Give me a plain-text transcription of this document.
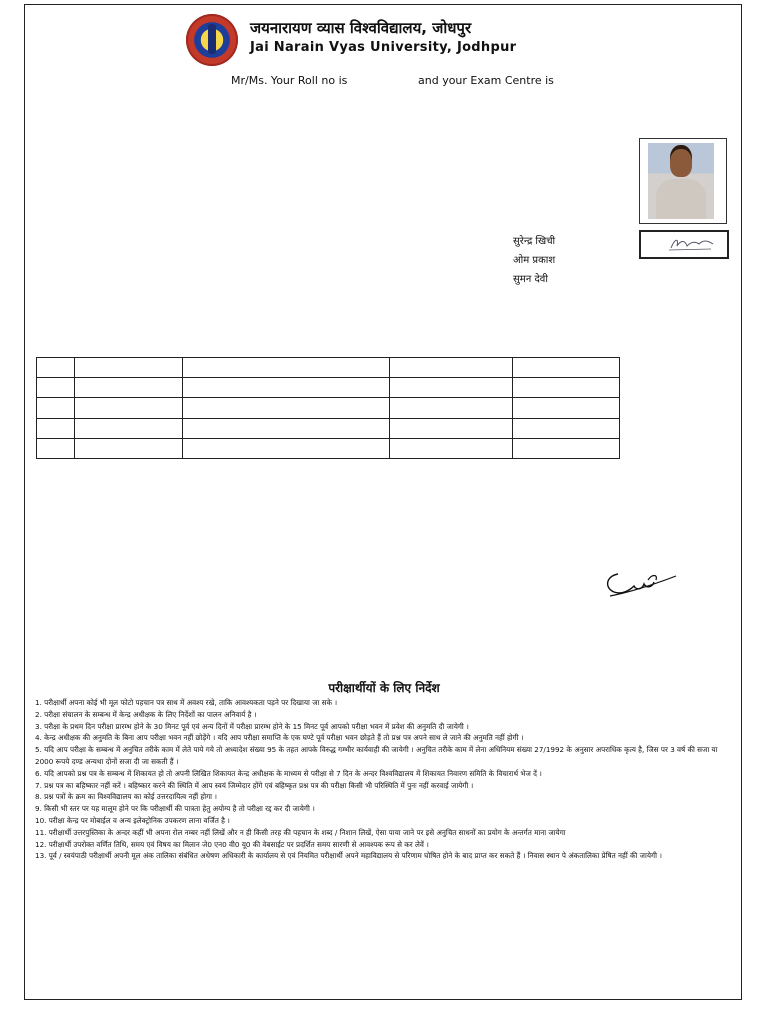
जयनारायण व्यास विश्वविद्यालय, जोधपुर
Jai Narain Vyas University, Jodhpur
Mr/Ms. Your Roll no is	and your Exam Centre is
सुरेन्द्र खिची
ओम प्रकाश
सुमन देवी

परीक्षार्थीयों के लिए निर्देश
1. परीक्षार्थी अपना कोई भी मूल फोटो पहचान पत्र साथ में अवश्य रखे, ताकि आवश्यकता पड़ने पर दिखाया जा सके ।
2. परीक्षा संचालन के सम्बन्ध में केन्द्र अधीक्षक के लिए निर्देशों का पालन अनिवार्य है ।
3. परीक्षा के प्रथम दिन परीक्षा प्रारम्भ होने के 30 मिनट पूर्व एवं अन्य दिनों में परीक्षा प्रारम्भ होने के 15 मिनट पूर्व आपको परीक्षा भवन में प्रवेश की अनुमति दी जायेगी ।
4. केन्द्र अधीक्षक की अनुमति के बिना आप परीक्षा भवन नहीं छोड़ेंगे । यदि आप परीक्षा समाप्ति के एक घण्टे पूर्व परीक्षा भवन छोड़ते हैं तो प्रश्न पत्र अपने साथ ले जाने की अनुमति नहीं होगी ।
5. यदि आप परीक्षा के सम्बन्ध में अनुचित तरीके काम में लेते पाये गये तो अध्यादेश संख्या 95 के तहत आपके विरुद्ध गम्भीर कार्यवाही की जायेगी । अनुचित तरीके काम में लेना अधिनियम संख्या 27/1992 के अनुसार अपराधिक कृत्य है, जिस पर 3 वर्ष की सजा या 2000 रूपये दण्ड अन्यथा दोनों सजा दी जा सकती हैं ।
6. यदि आपको प्रश्न पत्र के सम्बन्ध में शिकायत हो तो अपनी लिखित शिकायत केन्द्र अधीक्षक के माध्यम से परीक्षा से 7 दिन के अन्दर विश्वविद्यालय में शिकायत निवारण समिति के विचारार्थ भेज दें ।
7. प्रश्न पत्र का बहिष्कार नहीं करें । बहिष्कार करने की स्थिति में आप स्वयं जिम्मेदार होंगे एवं बहिष्कृत प्रश्न पत्र की परीक्षा किसी भी परिस्थिति में पुनः नहीं करवाई जायेगी ।
8. प्रश्न पत्रों के क्रम का विश्वविद्यालय का कोई उत्तरदायित्व नहीं होगा ।
9. किसी भी स्तर पर यह मालूम होने पर कि परीक्षार्थी की पात्रता हेतु अयोग्य है तो परीक्षा रद्द कर दी जायेगी ।
10. परीक्षा केन्द्र पर मोबाईल व अन्य इलेक्ट्रोनिक उपकरण लाना वर्जित है ।
11. परीक्षार्थी उत्तरपुस्तिका के अन्दर कहीं भी अपना रोल नम्बर नहीं लिखें और न ही किसी तरह की पहचान के शब्द / निशान लिखें, ऐसा पाया जाने पर इसे अनुचित साधनों का प्रयोग के अन्तर्गत माना जायेगा
12. परीक्षार्थी उपरोक्त वर्णित तिथि, समय एवं विषय का मिलान जे0 एन0 वी0 यू0 की वेबसाईट पर प्रदर्शित समय सारणी से आवश्यक रूप से कर लेवें ।
13. पूर्व / स्वयंपाठी परीक्षार्थी अपनी मूल अंक तालिका संबंधित अधेषण अधिकारी के कार्यालय से एवं नियमित परीक्षार्थी अपने महाविद्यालय से परिणाम घोषित होने के बाद प्राप्त कर सकते हैं । निवास स्थान पे अंकतालिका प्रेषित नहीं की जायेगी ।
